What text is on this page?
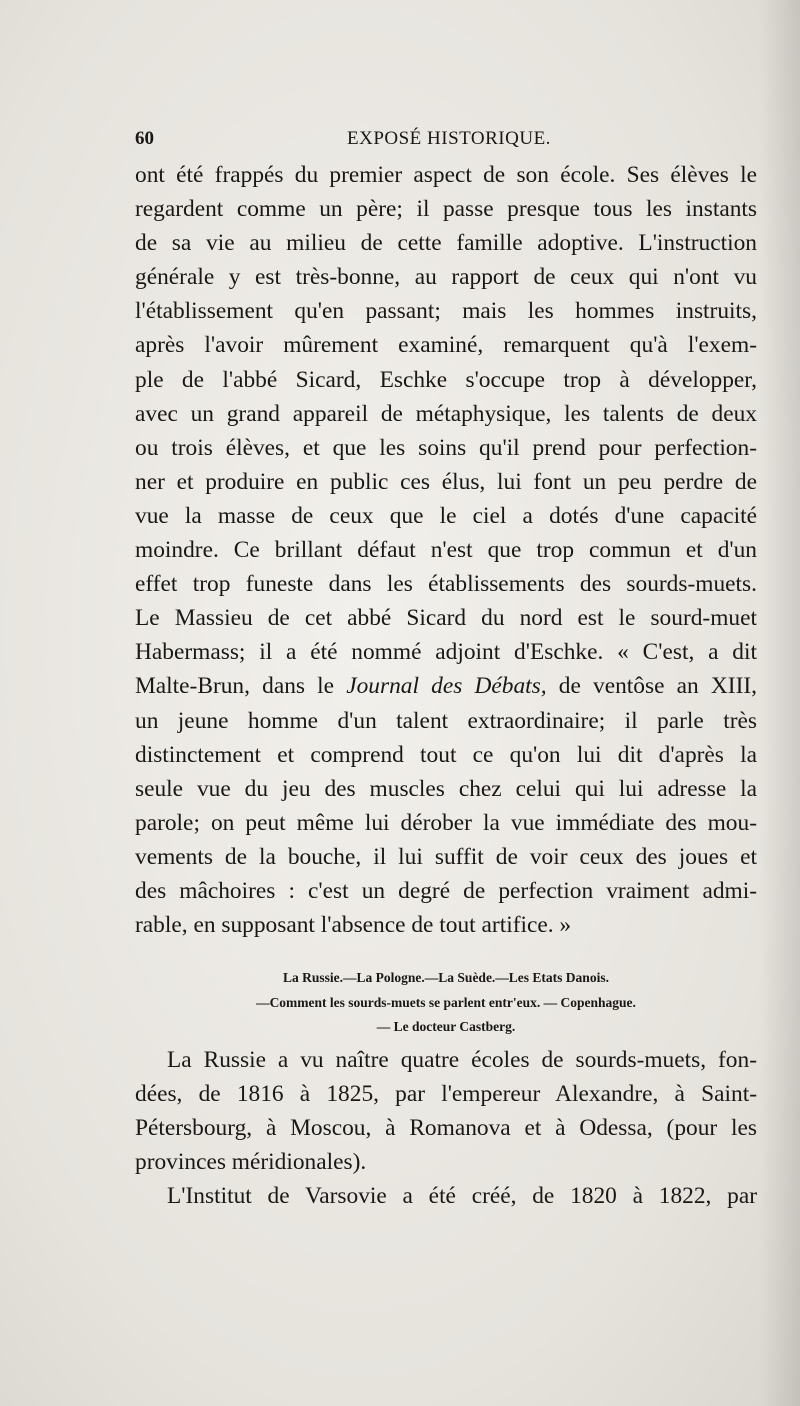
60	EXPOSÉ HISTORIQUE.
ont été frappés du premier aspect de son école. Ses élèves le
regardent comme un père; il passe presque tous les instants
de sa vie au milieu de cette famille adoptive. L'instruction
générale y est très-bonne, au rapport de ceux qui n'ont vu
l'établissement qu'en passant; mais les hommes instruits,
après l'avoir mûrement examiné, remarquent qu'à l'exem-
ple de l'abbé Sicard, Eschke s'occupe trop à développer,
avec un grand appareil de métaphysique, les talents de deux
ou trois élèves, et que les soins qu'il prend pour perfection-
ner et produire en public ces élus, lui font un peu perdre de
vue la masse de ceux que le ciel a dotés d'une capacité
moindre. Ce brillant défaut n'est que trop commun et d'un
effet trop funeste dans les établissements des sourds-muets.
Le Massieu de cet abbé Sicard du nord est le sourd-muet
Habermass; il a été nommé adjoint d'Eschke. « C'est, a dit
Malte-Brun, dans le Journal des Débats, de ventôse an XIII,
un jeune homme d'un talent extraordinaire; il parle très
distinctement et comprend tout ce qu'on lui dit d'après la
seule vue du jeu des muscles chez celui qui lui adresse la
parole; on peut même lui dérober la vue immédiate des mou-
vements de la bouche, il lui suffit de voir ceux des joues et
des mâchoires : c'est un degré de perfection vraiment admi-
rable, en supposant l'absence de tout artifice. »
La Russie.—La Pologne.—La Suède.—Les Etats Danois.
—Comment les sourds-muets se parlent entr'eux. — Copenhague.
— Le docteur Castberg.
La Russie a vu naître quatre écoles de sourds-muets, fon-
dées, de 1816 à 1825, par l'empereur Alexandre, à Saint-
Pétersbourg, à Moscou, à Romanova et à Odessa, (pour les
provinces méridionales).
L'Institut de Varsovie a été créé, de 1820 à 1822, par
